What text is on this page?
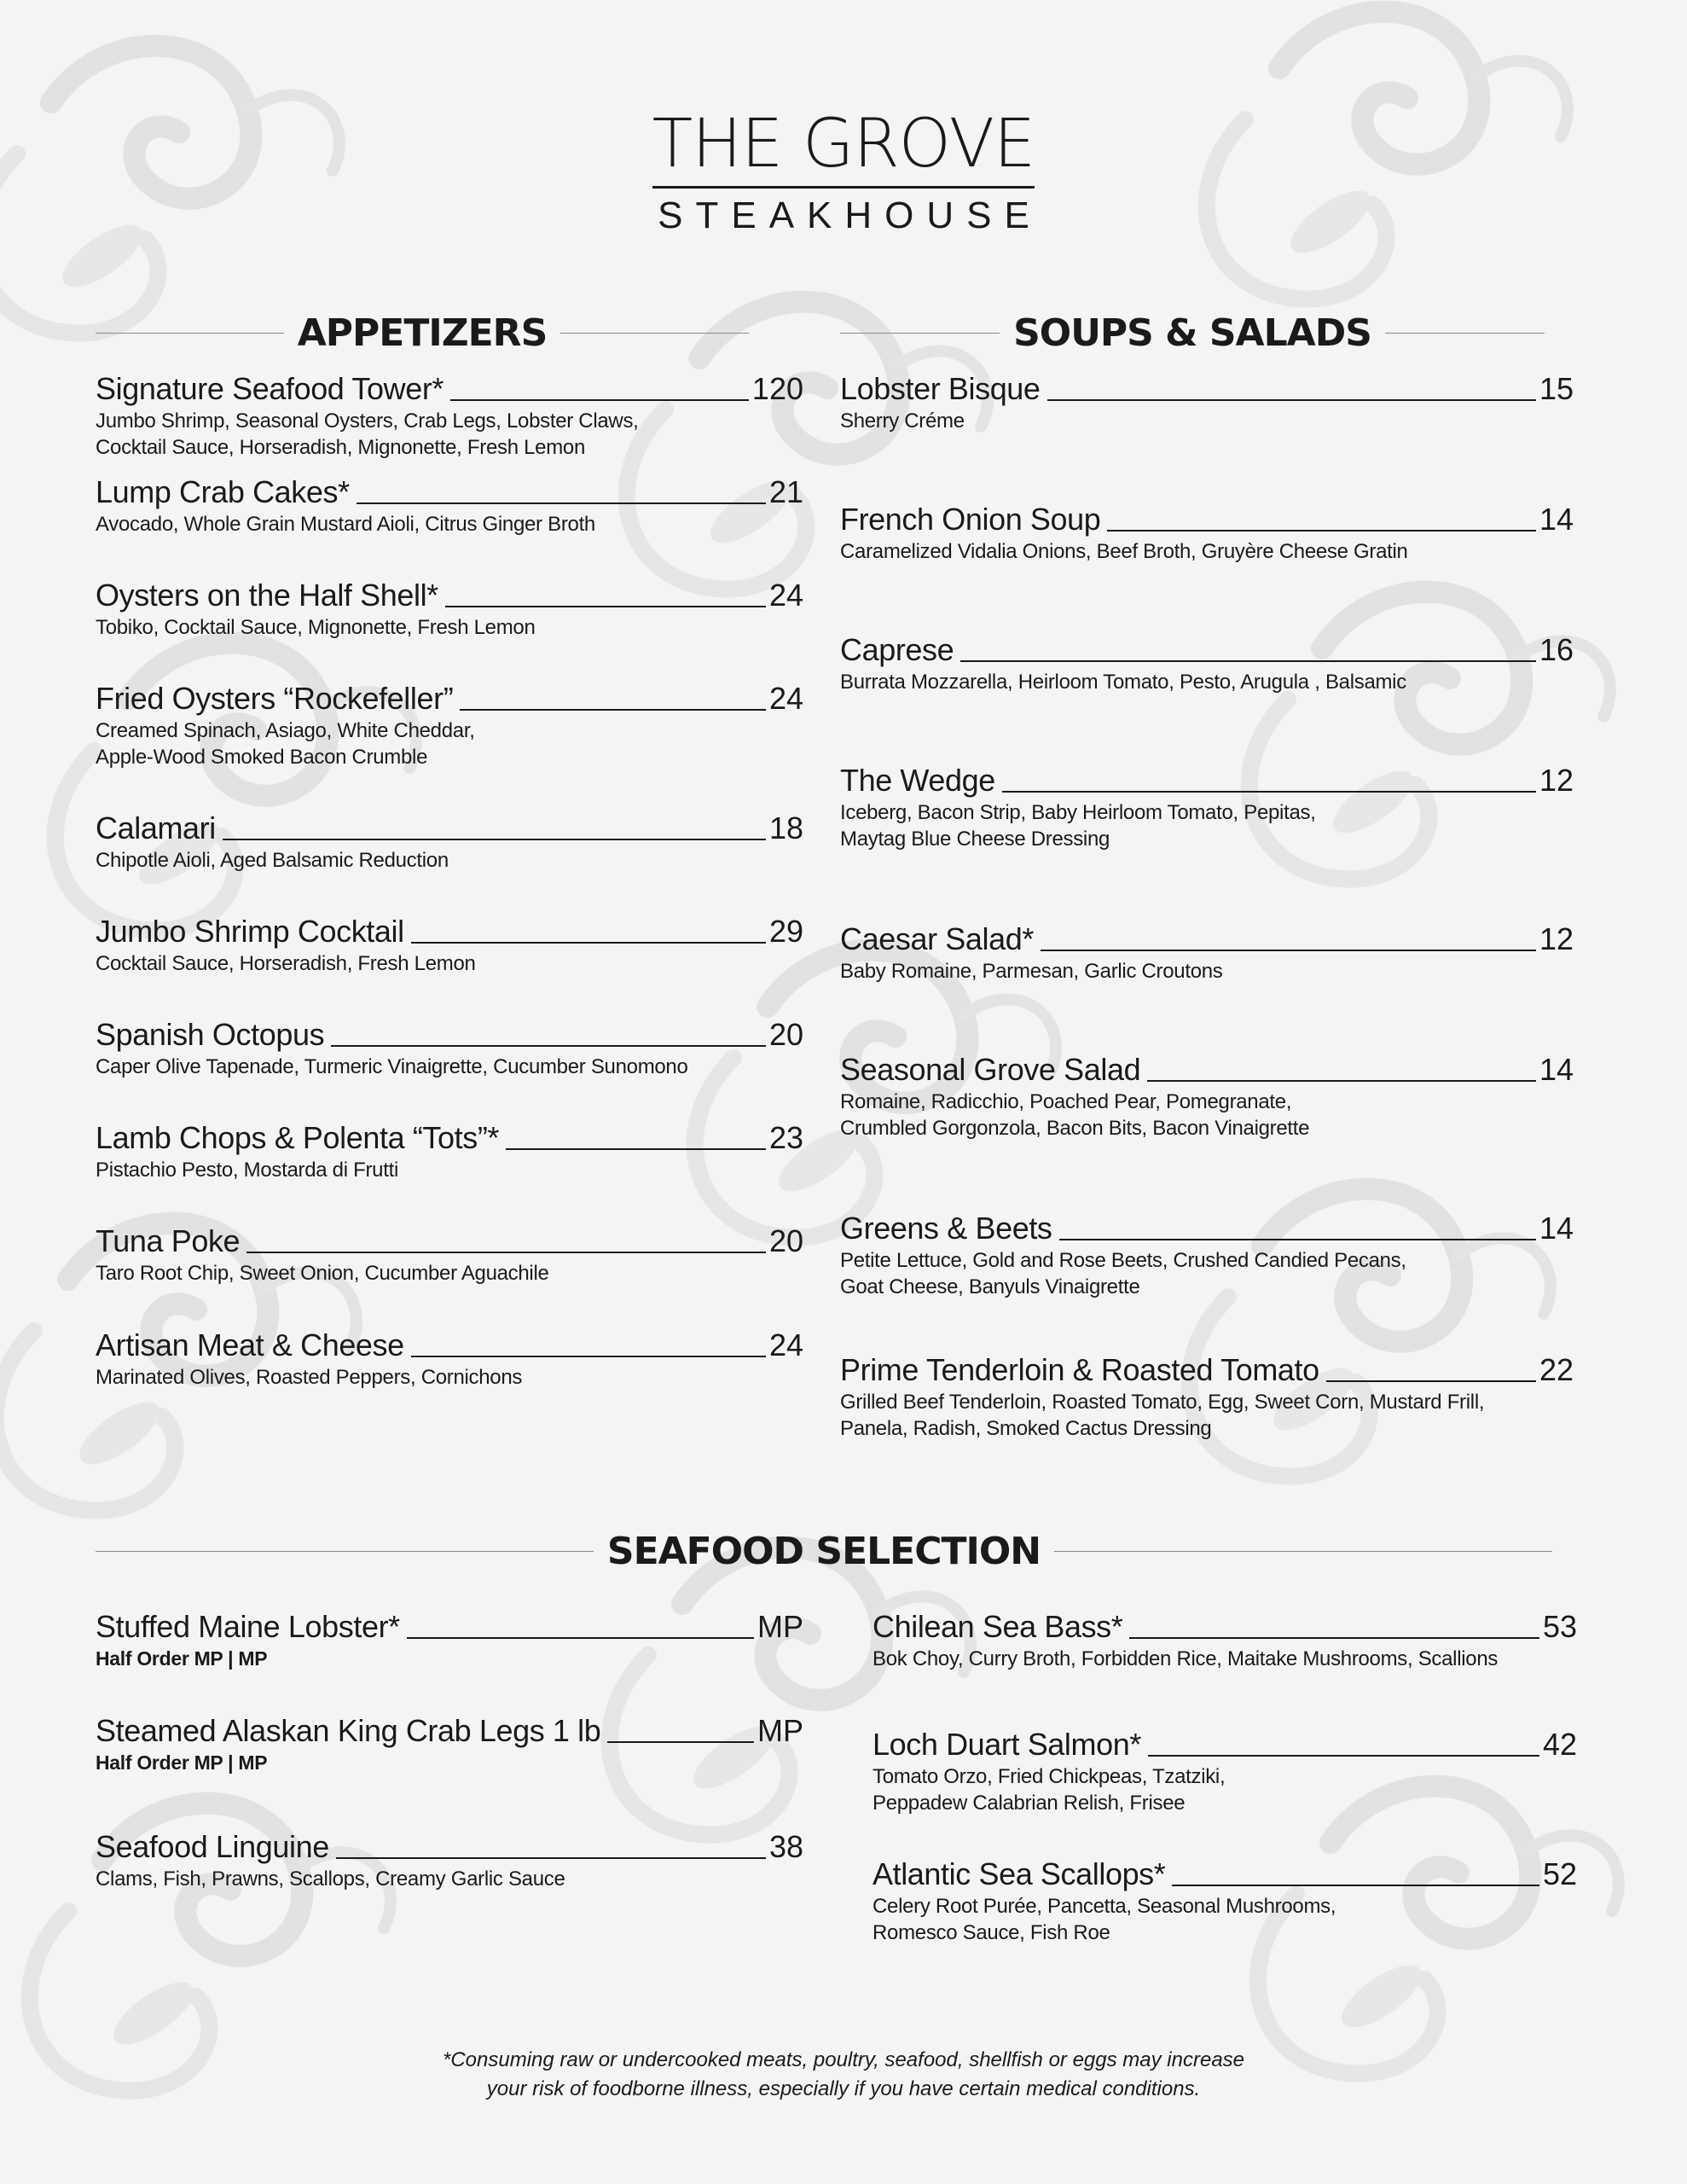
THE GROVE
STEAKHOUSE
APPETIZERS	SOUPS & SALADS
SEAFOOD SELECTION
Signature Seafood Tower*	120
Jumbo Shrimp, Seasonal Oysters, Crab Legs, Lobster Claws,
Cocktail Sauce, Horseradish, Mignonette, Fresh Lemon
Lump Crab Cakes*	21
Avocado, Whole Grain Mustard Aioli, Citrus Ginger Broth
Oysters on the Half Shell*	24
Tobiko, Cocktail Sauce, Mignonette, Fresh Lemon
Fried Oysters “Rockefeller”	24
Creamed Spinach, Asiago, White Cheddar,
Apple-Wood Smoked Bacon Crumble
Calamari	18
Chipotle Aioli, Aged Balsamic Reduction
Jumbo Shrimp Cocktail	29
Cocktail Sauce, Horseradish, Fresh Lemon
Spanish Octopus	20
Caper Olive Tapenade, Turmeric Vinaigrette, Cucumber Sunomono
Lamb Chops & Polenta “Tots”*	23
Pistachio Pesto, Mostarda di Frutti
Tuna Poke	20
Taro Root Chip, Sweet Onion, Cucumber Aguachile
Artisan Meat & Cheese	24
Marinated Olives, Roasted Peppers, Cornichons
Lobster Bisque	15
Sherry Créme
French Onion Soup	14
Caramelized Vidalia Onions, Beef Broth, Gruyère Cheese Gratin
Caprese	16
Burrata Mozzarella, Heirloom Tomato, Pesto, Arugula , Balsamic
The Wedge	12
Iceberg, Bacon Strip, Baby Heirloom Tomato, Pepitas,
Maytag Blue Cheese Dressing
Caesar Salad*	12
Baby Romaine, Parmesan, Garlic Croutons
Seasonal Grove Salad	14
Romaine, Radicchio, Poached Pear, Pomegranate,
Crumbled Gorgonzola, Bacon Bits, Bacon Vinaigrette
Greens & Beets	14
Petite Lettuce, Gold and Rose Beets, Crushed Candied Pecans,
Goat Cheese, Banyuls Vinaigrette
Prime Tenderloin & Roasted Tomato	22
Grilled Beef Tenderloin, Roasted Tomato, Egg, Sweet Corn, Mustard Frill,
Panela, Radish, Smoked Cactus Dressing
Stuffed Maine Lobster*	MP
Half Order MP | MP
Steamed Alaskan King Crab Legs 1 lb	MP
Half Order MP | MP
Seafood Linguine	38
Clams, Fish, Prawns, Scallops, Creamy Garlic Sauce
Chilean Sea Bass*	53
Bok Choy, Curry Broth, Forbidden Rice, Maitake Mushrooms, Scallions
Loch Duart Salmon*	42
Tomato Orzo, Fried Chickpeas, Tzatziki,
Peppadew Calabrian Relish, Frisee
Atlantic Sea Scallops*	52
Celery Root Purée, Pancetta, Seasonal Mushrooms,
Romesco Sauce, Fish Roe
*Consuming raw or undercooked meats, poultry, seafood, shellfish or eggs may increase
your risk of foodborne illness, especially if you have certain medical conditions.
